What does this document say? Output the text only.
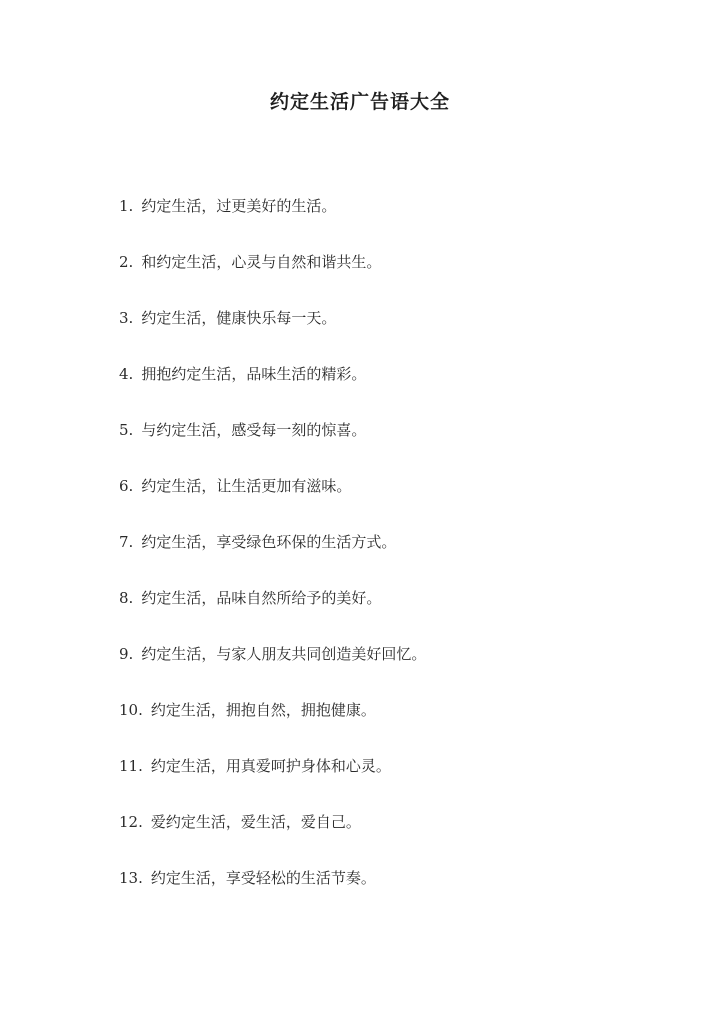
约定生活广告语大全
1. 约定生活，过更美好的生活。
2. 和约定生活，心灵与自然和谐共生。
3. 约定生活，健康快乐每一天。
4. 拥抱约定生活，品味生活的精彩。
5. 与约定生活，感受每一刻的惊喜。
6. 约定生活，让生活更加有滋味。
7. 约定生活，享受绿色环保的生活方式。
8. 约定生活，品味自然所给予的美好。
9. 约定生活，与家人朋友共同创造美好回忆。
10. 约定生活，拥抱自然，拥抱健康。
11. 约定生活，用真爱呵护身体和心灵。
12. 爱约定生活，爱生活，爱自己。
13. 约定生活，享受轻松的生活节奏。
